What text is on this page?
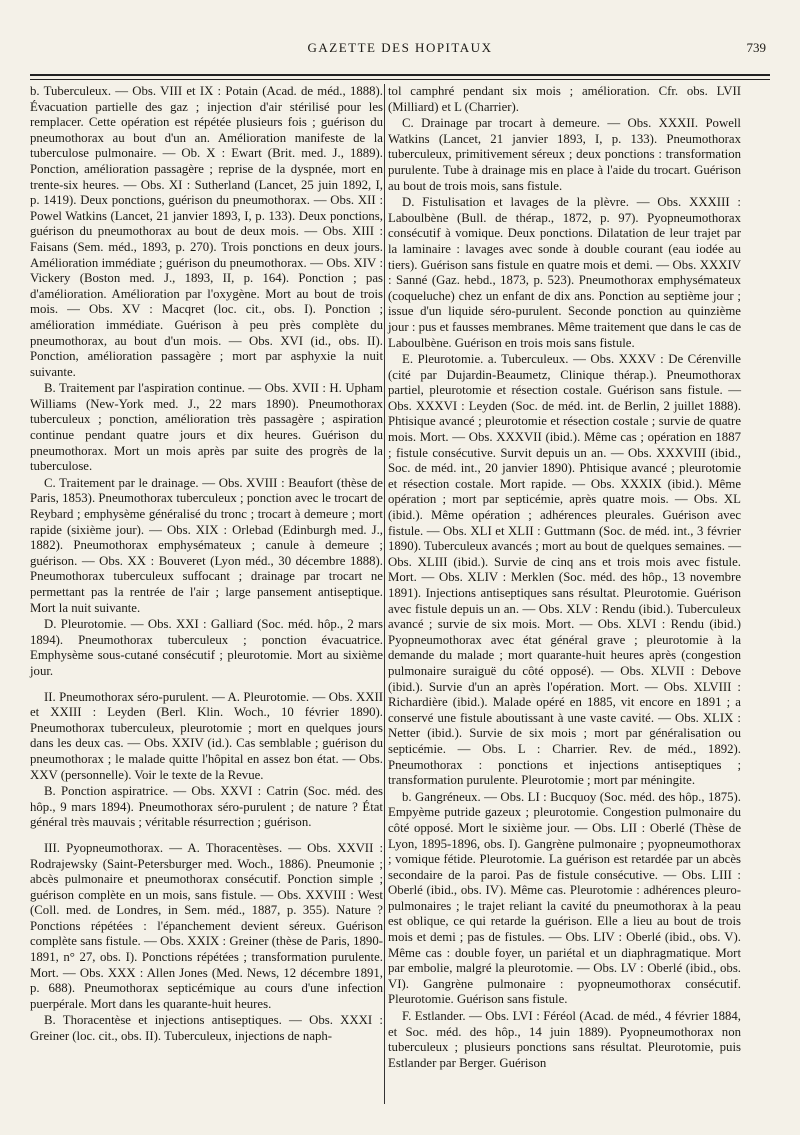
GAZETTE DES HOPITAUX	739

b. Tuberculeux. — Obs. VIII et IX : Potain (Acad. de méd., 1888). Évacuation partielle des gaz ; injection d'air stérilisé pour les remplacer. Cette opération est répétée plusieurs fois ; guérison du pneumothorax au bout d'un an. Amélioration manifeste de la tuberculose pulmonaire. — Ob. X : Ewart (Brit. med. J., 1889). Ponction, amélioration passagère ; reprise de la dyspnée, mort en trente-six heures. — Obs. XI : Sutherland (Lancet, 25 juin 1892, I, p. 1419). Deux ponctions, guérison du pneumothorax. — Obs. XII : Powel Watkins (Lancet, 21 janvier 1893, I, p. 133). Deux ponctions, guérison du pneumothorax au bout de deux mois. — Obs. XIII : Faisans (Sem. méd., 1893, p. 270). Trois ponctions en deux jours. Amélioration immédiate ; guérison du pneumothorax. — Obs. XIV : Vickery (Boston med. J., 1893, II, p. 164). Ponction ; pas d'amélioration. Amélioration par l'oxygène. Mort au bout de trois mois. — Obs. XV : Macqret (loc. cit., obs. I). Ponction ; amélioration immédiate. Guérison à peu près complète du pneumothorax, au bout d'un mois. — Obs. XVI (id., obs. II). Ponction, amélioration passagère ; mort par asphyxie la nuit suivante.

B. Traitement par l'aspiration continue. — Obs. XVII : H. Upham Williams (New-York med. J., 22 mars 1890). Pneumothorax tuberculeux ; ponction, amélioration très passagère ; aspiration continue pendant quatre jours et dix heures. Guérison du pneumothorax. Mort un mois après par suite des progrès de la tuberculose.

C. Traitement par le drainage. — Obs. XVIII : Beaufort (thèse de Paris, 1853). Pneumothorax tuberculeux ; ponction avec le trocart de Reybard ; emphysème généralisé du tronc ; trocart à demeure ; mort rapide (sixième jour). — Obs. XIX : Orlebad (Edinburgh med. J., 1882). Pneumothorax emphysémateux ; canule à demeure ; guérison. — Obs. XX : Bouveret (Lyon méd., 30 décembre 1888). Pneumothorax tuberculeux suffocant ; drainage par trocart ne permettant pas la rentrée de l'air ; large pansement antiseptique. Mort la nuit suivante.

D. Pleurotomie. — Obs. XXI : Galliard (Soc. méd. hôp., 2 mars 1894). Pneumothorax tuberculeux ; ponction évacuatrice. Emphysème sous-cutané consécutif ; pleurotomie. Mort au sixième jour.

II. Pneumothorax séro-purulent. — A. Pleurotomie. — Obs. XXII et XXIII : Leyden (Berl. Klin. Woch., 10 février 1890). Pneumothorax tuberculeux, pleurotomie ; mort en quelques jours dans les deux cas. — Obs. XXIV (id.). Cas semblable ; guérison du pneumothorax ; le malade quitte l'hôpital en assez bon état. — Obs. XXV (personnelle). Voir le texte de la Revue.

B. Ponction aspiratrice. — Obs. XXVI : Catrin (Soc. méd. des hôp., 9 mars 1894). Pneumothorax séro-purulent ; de nature ? État général très mauvais ; véritable résurrection ; guérison.

III. Pyopneumothorax. — A. Thoracentèses. — Obs. XXVII : Rodrajewsky (Saint-Petersburger med. Woch., 1886). Pneumonie ; abcès pulmonaire et pneumothorax consécutif. Ponction simple ; guérison complète en un mois, sans fistule. — Obs. XXVIII : West (Coll. med. de Londres, in Sem. méd., 1887, p. 355). Nature ? Ponctions répétées : l'épanchement devient séreux. Guérison complète sans fistule. — Obs. XXIX : Greiner (thèse de Paris, 1890-1891, n° 27, obs. I). Ponctions répétées ; transformation purulente. Mort. — Obs. XXX : Allen Jones (Med. News, 12 décembre 1891, p. 688). Pneumothorax septicémique au cours d'une infection puerpérale. Mort dans les quarante-huit heures.

B. Thoracentèse et injections antiseptiques. — Obs. XXXI : Greiner (loc. cit., obs. II). Tuberculeux, injections de naph-

tol camphré pendant six mois ; amélioration. Cfr. obs. LVII (Milliard) et L (Charrier).

C. Drainage par trocart à demeure. — Obs. XXXII. Powell Watkins (Lancet, 21 janvier 1893, I, p. 133). Pneumothorax tuberculeux, primitivement séreux ; deux ponctions : transformation purulente. Tube à drainage mis en place à l'aide du trocart. Guérison au bout de trois mois, sans fistule.

D. Fistulisation et lavages de la plèvre. — Obs. XXXIII : Laboulbène (Bull. de thérap., 1872, p. 97). Pyopneumothorax consécutif à vomique. Deux ponctions. Dilatation de leur trajet par la laminaire : lavages avec sonde à double courant (eau iodée au tiers). Guérison sans fistule en quatre mois et demi. — Obs. XXXIV : Sanné (Gaz. hebd., 1873, p. 523). Pneumothorax emphysémateux (coqueluche) chez un enfant de dix ans. Ponction au septième jour ; issue d'un liquide séro-purulent. Seconde ponction au quinzième jour : pus et fausses membranes. Même traitement que dans le cas de Laboulbène. Guérison en trois mois sans fistule.

E. Pleurotomie. a. Tuberculeux. — Obs. XXXV : De Cérenville (cité par Dujardin-Beaumetz, Clinique thérap.). Pneumothorax partiel, pleurotomie et résection costale. Guérison sans fistule. — Obs. XXXVI : Leyden (Soc. de méd. int. de Berlin, 2 juillet 1888). Phtisique avancé ; pleurotomie et résection costale ; survie de quatre mois. Mort. — Obs. XXXVII (ibid.). Même cas ; opération en 1887 ; fistule consécutive. Survit depuis un an. — Obs. XXXVIII (ibid., Soc. de méd. int., 20 janvier 1890). Phtisique avancé ; pleurotomie et résection costale. Mort rapide. — Obs. XXXIX (ibid.). Même opération ; mort par septicémie, après quatre mois. — Obs. XL (ibid.). Même opération ; adhérences pleurales. Guérison avec fistule. — Obs. XLI et XLII : Guttmann (Soc. de méd. int., 3 février 1890). Tuberculeux avancés ; mort au bout de quelques semaines. — Obs. XLIII (ibid.). Survie de cinq ans et trois mois avec fistule. Mort. — Obs. XLIV : Merklen (Soc. méd. des hôp., 13 novembre 1891). Injections antiseptiques sans résultat. Pleurotomie. Guérison avec fistule depuis un an. — Obs. XLV : Rendu (ibid.). Tuberculeux avancé ; survie de six mois. Mort. — Obs. XLVI : Rendu (ibid.) Pyopneumothorax avec état général grave ; pleurotomie à la demande du malade ; mort quarante-huit heures après (congestion pulmonaire suraiguë du côté opposé). — Obs. XLVII : Debove (ibid.). Survie d'un an après l'opération. Mort. — Obs. XLVIII : Richardière (ibid.). Malade opéré en 1885, vit encore en 1891 ; a conservé une fistule aboutissant à une vaste cavité. — Obs. XLIX : Netter (ibid.). Survie de six mois ; mort par généralisation ou septicémie. — Obs. L : Charrier. Rev. de méd., 1892). Pneumothorax : ponctions et injections antiseptiques ; transformation purulente. Pleurotomie ; mort par méningite.

b. Gangréneux. — Obs. LI : Bucquoy (Soc. méd. des hôp., 1875). Empyème putride gazeux ; pleurotomie. Congestion pulmonaire du côté opposé. Mort le sixième jour. — Obs. LII : Oberlé (Thèse de Lyon, 1895-1896, obs. I). Gangrène pulmonaire ; pyopneumothorax ; vomique fétide. Pleurotomie. La guérison est retardée par un abcès secondaire de la paroi. Pas de fistule consécutive. — Obs. LIII : Oberlé (ibid., obs. IV). Même cas. Pleurotomie : adhérences pleuro-pulmonaires ; le trajet reliant la cavité du pneumothorax à la peau est oblique, ce qui retarde la guérison. Elle a lieu au bout de trois mois et demi ; pas de fistules. — Obs. LIV : Oberlé (ibid., obs. V). Même cas : double foyer, un pariétal et un diaphragmatique. Mort par embolie, malgré la pleurotomie. — Obs. LV : Oberlé (ibid., obs. VI). Gangrène pulmonaire : pyopneumothorax consécutif. Pleurotomie. Guérison sans fistule.

F. Estlander. — Obs. LVI : Féréol (Acad. de méd., 4 février 1884, et Soc. méd. des hôp., 14 juin 1889). Pyopneumothorax non tuberculeux ; plusieurs ponctions sans résultat. Pleurotomie, puis Estlander par Berger. Guérison
